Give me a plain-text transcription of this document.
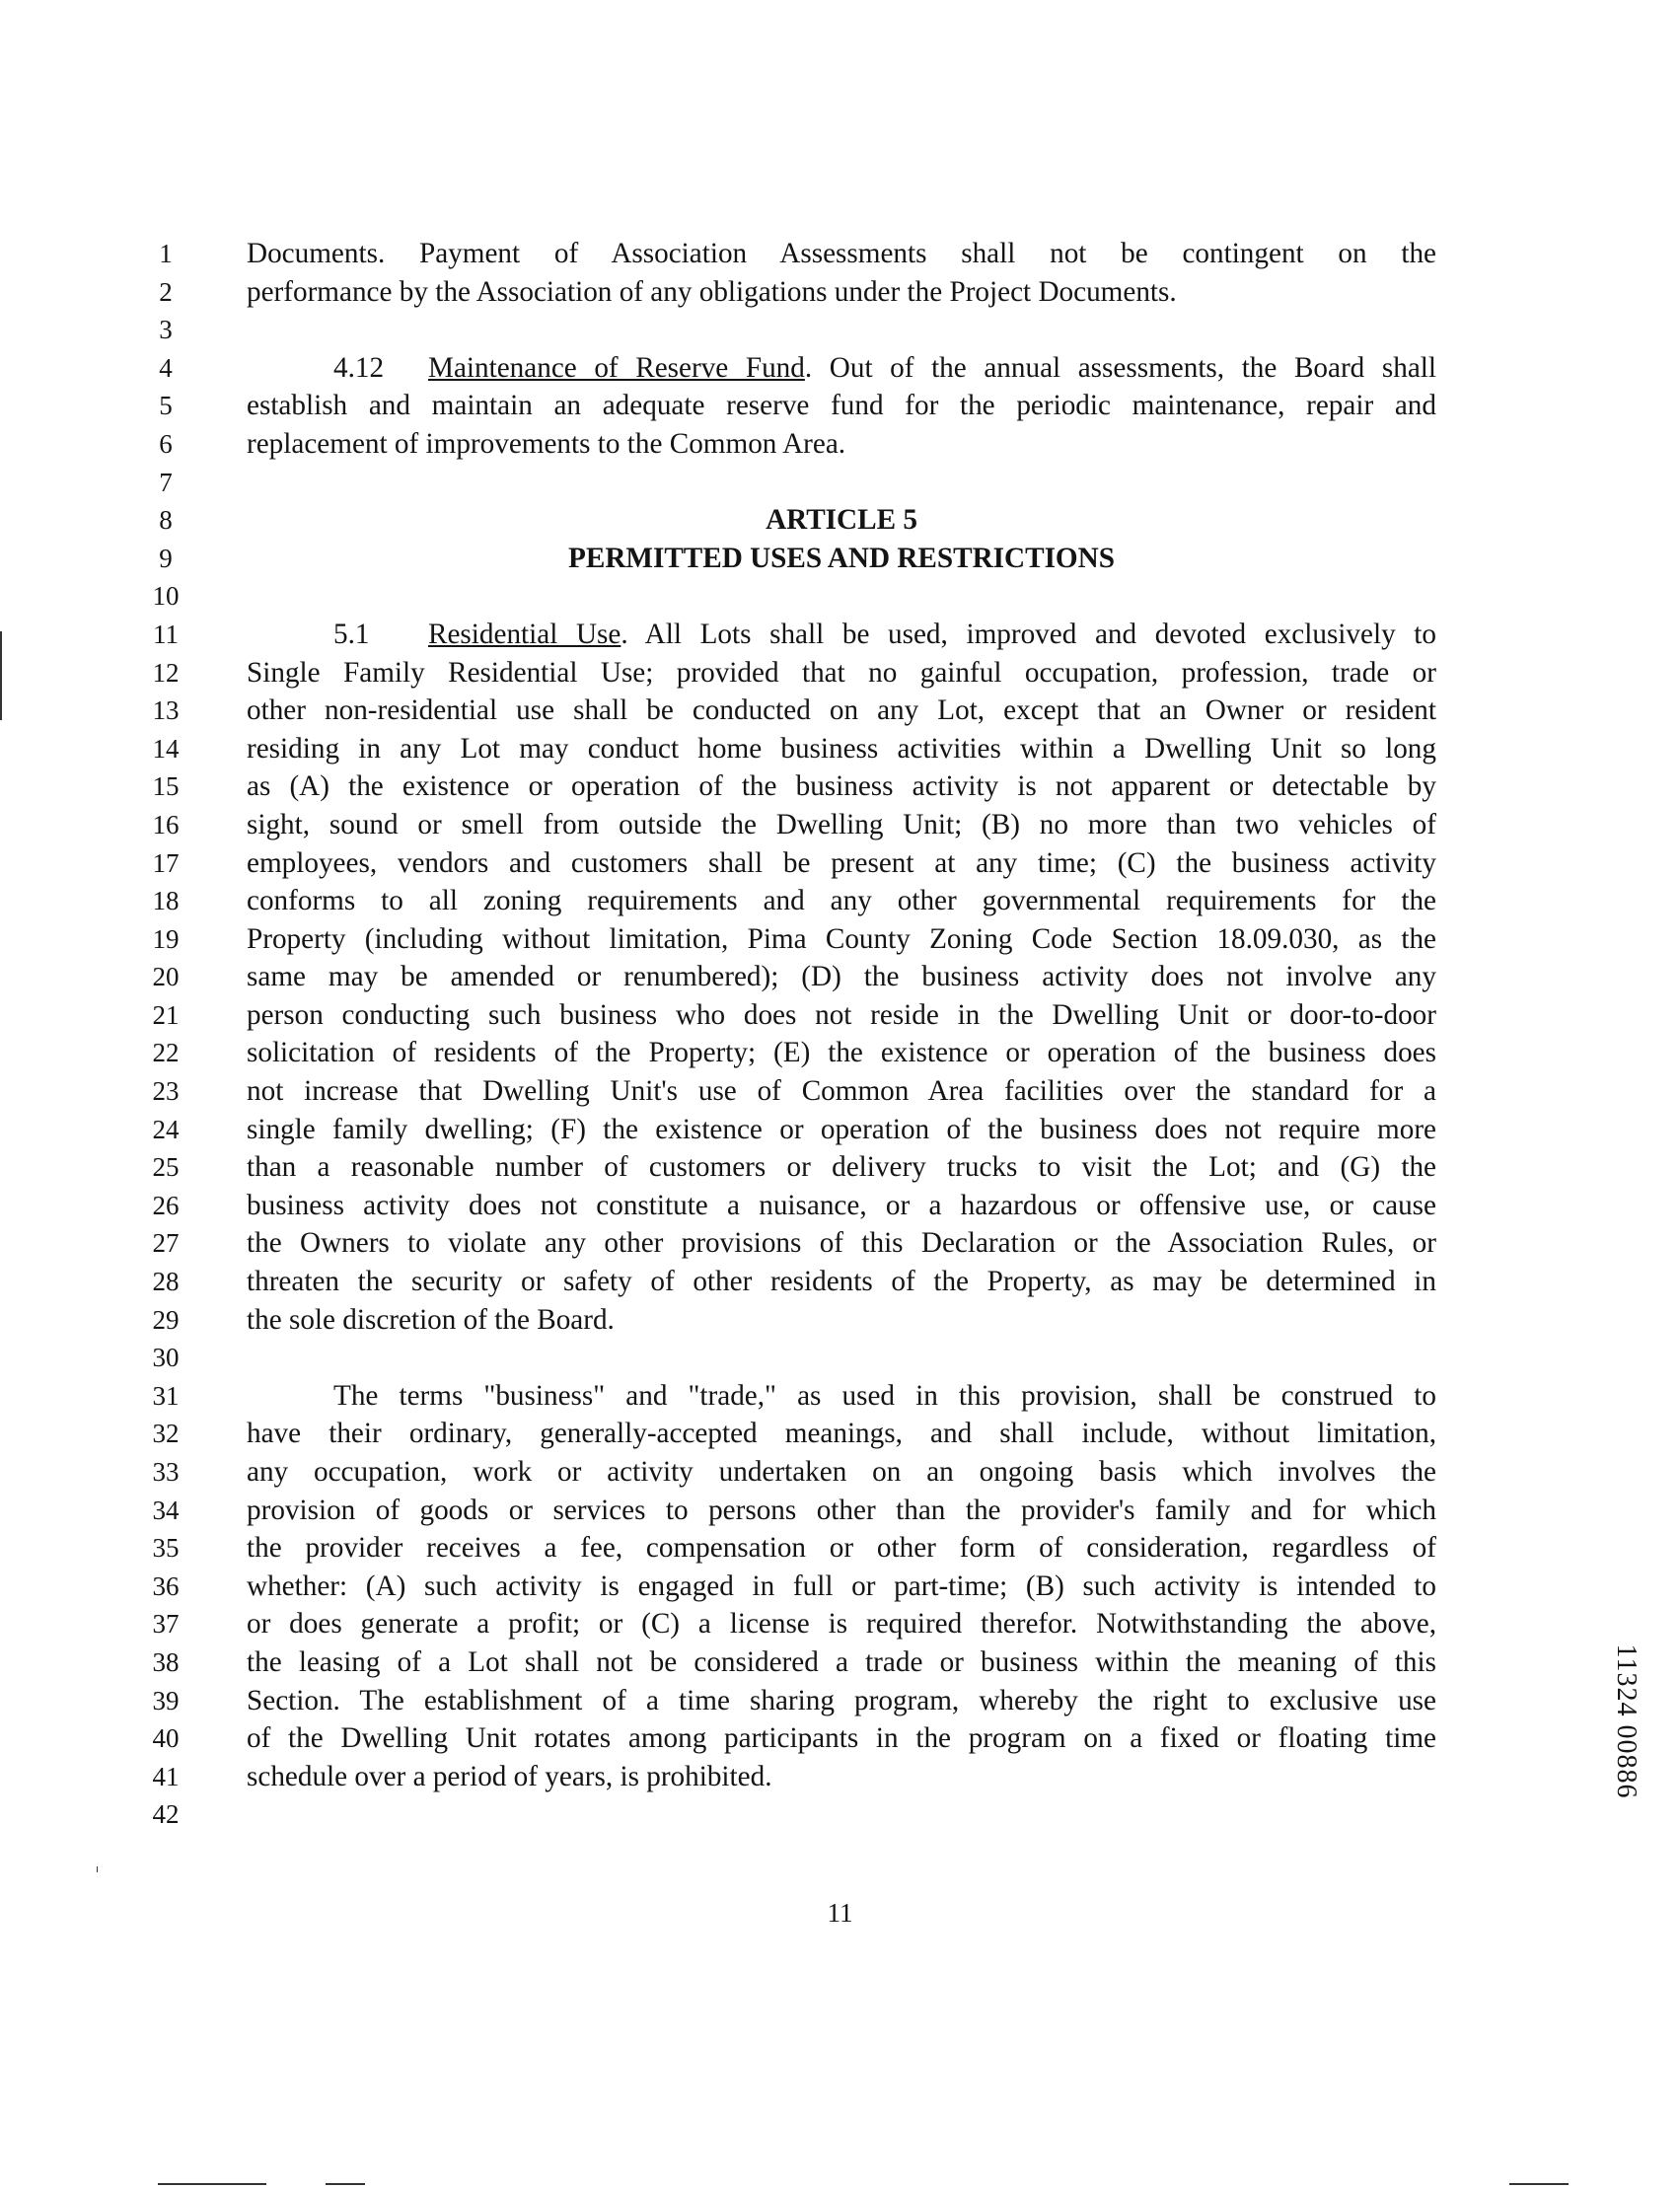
1
2
3
4
5
6
7
8
9
10
11
12
13
14
15
16
17
18
19
20
21
22
23
24
25
26
27
28
29
30
31
32
33
34
35
36
37
38
39
40
41
42
Documents. Payment of Association Assessments shall not be contingent on the
performance by the Association of any obligations under the Project Documents.
4.12 Maintenance of Reserve Fund. Out of the annual assessments, the Board shall
establish and maintain an adequate reserve fund for the periodic maintenance, repair and
replacement of improvements to the Common Area.
ARTICLE 5
PERMITTED USES AND RESTRICTIONS
5.1 Residential Use. All Lots shall be used, improved and devoted exclusively to
Single Family Residential Use; provided that no gainful occupation, profession, trade or
other non-residential use shall be conducted on any Lot, except that an Owner or resident
residing in any Lot may conduct home business activities within a Dwelling Unit so long
as (A) the existence or operation of the business activity is not apparent or detectable by
sight, sound or smell from outside the Dwelling Unit; (B) no more than two vehicles of
employees, vendors and customers shall be present at any time; (C) the business activity
conforms to all zoning requirements and any other governmental requirements for the
Property (including without limitation, Pima County Zoning Code Section 18.09.030, as the
same may be amended or renumbered); (D) the business activity does not involve any
person conducting such business who does not reside in the Dwelling Unit or door-to-door
solicitation of residents of the Property; (E) the existence or operation of the business does
not increase that Dwelling Unit's use of Common Area facilities over the standard for a
single family dwelling; (F) the existence or operation of the business does not require more
than a reasonable number of customers or delivery trucks to visit the Lot; and (G) the
business activity does not constitute a nuisance, or a hazardous or offensive use, or cause
the Owners to violate any other provisions of this Declaration or the Association Rules, or
threaten the security or safety of other residents of the Property, as may be determined in
the sole discretion of the Board.
The terms "business" and "trade," as used in this provision, shall be construed to
have their ordinary, generally-accepted meanings, and shall include, without limitation,
any occupation, work or activity undertaken on an ongoing basis which involves the
provision of goods or services to persons other than the provider's family and for which
the provider receives a fee, compensation or other form of consideration, regardless of
whether: (A) such activity is engaged in full or part-time; (B) such activity is intended to
or does generate a profit; or (C) a license is required therefor. Notwithstanding the above,
the leasing of a Lot shall not be considered a trade or business within the meaning of this
Section. The establishment of a time sharing program, whereby the right to exclusive use
of the Dwelling Unit rotates among participants in the program on a fixed or floating time
schedule over a period of years, is prohibited.
11
11324 00886
